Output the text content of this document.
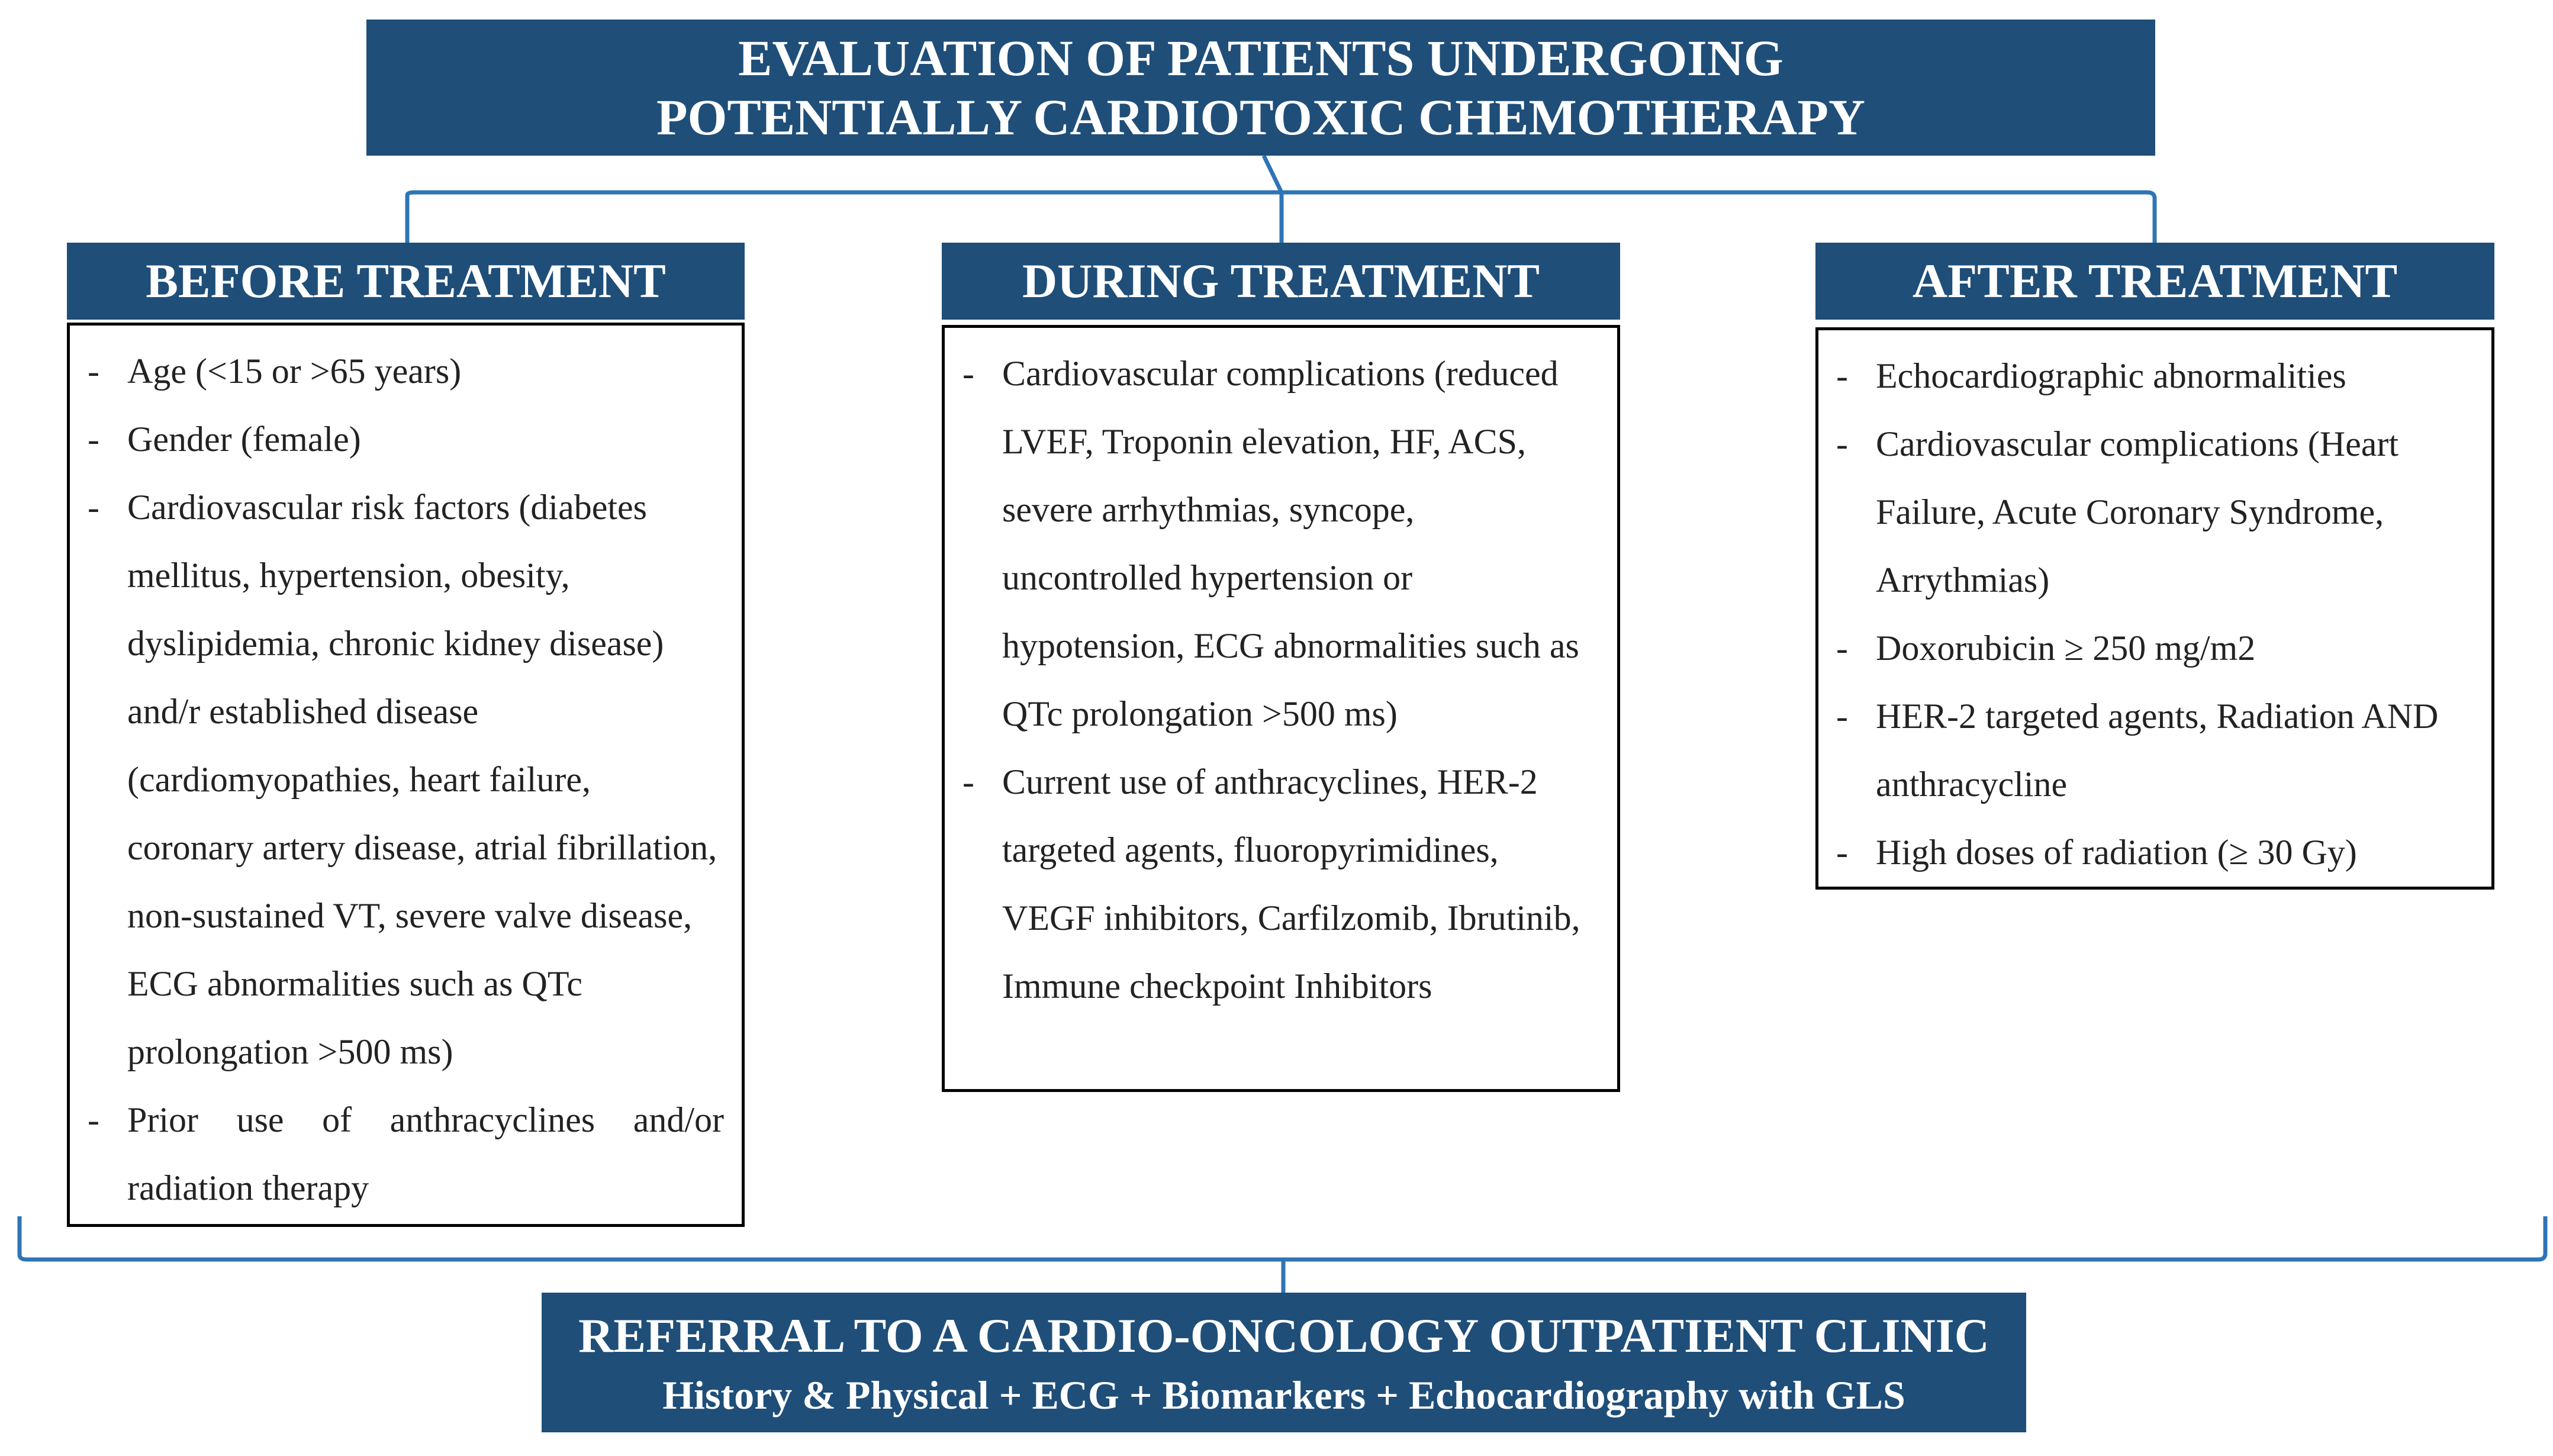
EVALUATION OF PATIENTS UNDERGOING
POTENTIALLY CARDIOTOXIC CHEMOTHERAPY
BEFORE TREATMENT
- Age (<15 or >65 years)
- Gender (female)
- Cardiovascular risk factors (diabetes mellitus, hypertension, obesity, dyslipidemia, chronic kidney disease) and/r established disease (cardiomyopathies, heart failure, coronary artery disease, atrial fibrillation, non-sustained VT, severe valve disease, ECG abnormalities such as QTc prolongation >500 ms)
- Prior use of anthracyclines and/or radiation therapy
DURING TREATMENT
- Cardiovascular complications (reduced LVEF, Troponin elevation, HF, ACS, severe arrhythmias, syncope, uncontrolled hypertension or hypotension, ECG abnormalities such as QTc prolongation >500 ms)
- Current use of anthracyclines, HER-2 targeted agents, fluoropyrimidines, VEGF inhibitors, Carfilzomib, Ibrutinib, Immune checkpoint Inhibitors
AFTER TREATMENT
- Echocardiographic abnormalities
- Cardiovascular complications (Heart Failure, Acute Coronary Syndrome, Arrythmias)
- Doxorubicin ≥ 250 mg/m2
- HER-2 targeted agents, Radiation AND anthracycline
- High doses of radiation (≥ 30 Gy)
REFERRAL TO A CARDIO-ONCOLOGY OUTPATIENT CLINIC
History & Physical + ECG + Biomarkers + Echocardiography with GLS
